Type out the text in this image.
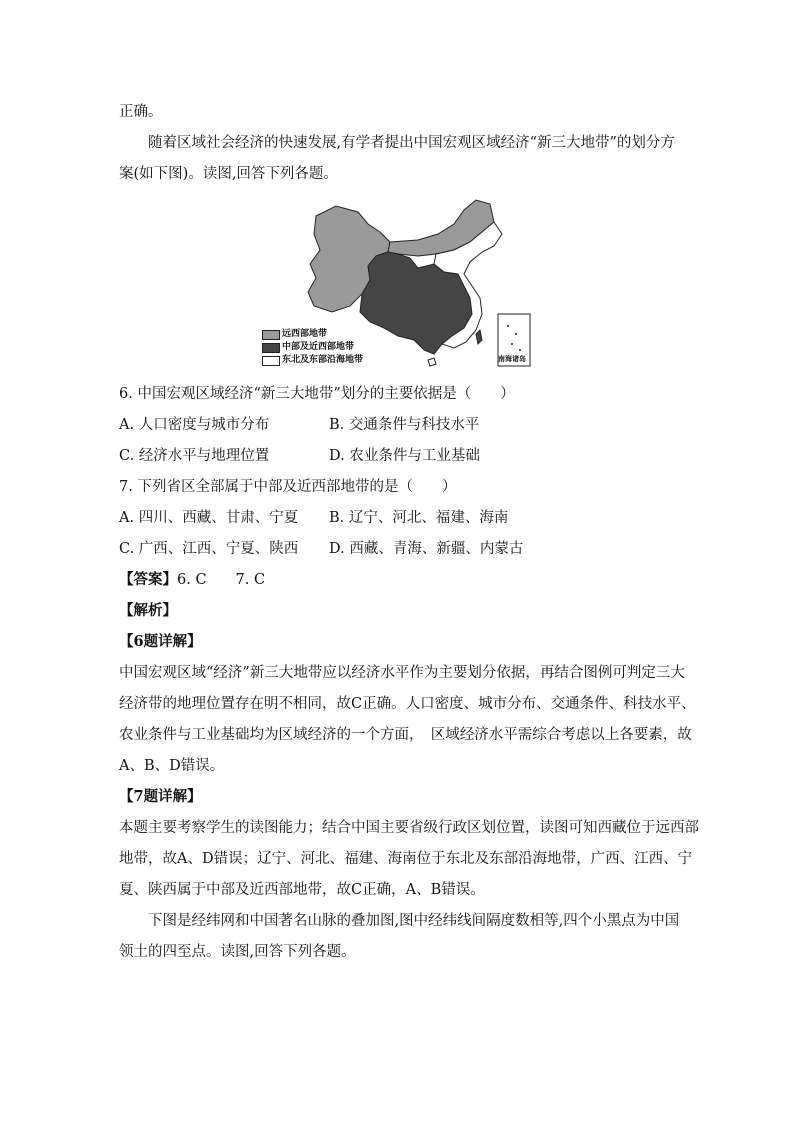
正确。
随着区域社会经济的快速发展,有学者提出中国宏观区域经济“新三大地带”的划分方
案(如下图)。读图,回答下列各题。
远西部地带
中部及近西部地带
东北及东部沿海地带	南海诸岛
6. 中国宏观区域经济“新三大地带”划分的主要依据是（　　）
A. 人口密度与城市分布	B. 交通条件与科技水平
C. 经济水平与地理位置	D. 农业条件与工业基础
7. 下列省区全部属于中部及近西部地带的是（　　）
A. 四川、西藏、甘肃、宁夏 B. 辽宁、河北、福建、海南
C. 广西、江西、宁夏、陕西 D. 西藏、青海、新疆、内蒙古
【答案】6. C　　7. C
【解析】
【6题详解】
中国宏观区域“经济”新三大地带应以经济水平作为主要划分依据，再结合图例可判定三大
经济带的地理位置存在明不相同，故C正确。人口密度、城市分布、交通条件、科技水平、
农业条件与工业基础均为区域经济的一个方面，　区域经济水平需综合考虑以上各要素，故
A、B、D错误。
【7题详解】
本题主要考察学生的读图能力；结合中国主要省级行政区划位置，读图可知西藏位于远西部
地带，故A、D错误；辽宁、河北、福建、海南位于东北及东部沿海地带，广西、江西、宁
夏、陕西属于中部及近西部地带，故C正确，A、B错误。
下图是经纬网和中国著名山脉的叠加图,图中经纬线间隔度数相等,四个小黑点为中国
领土的四至点。读图,回答下列各题。
